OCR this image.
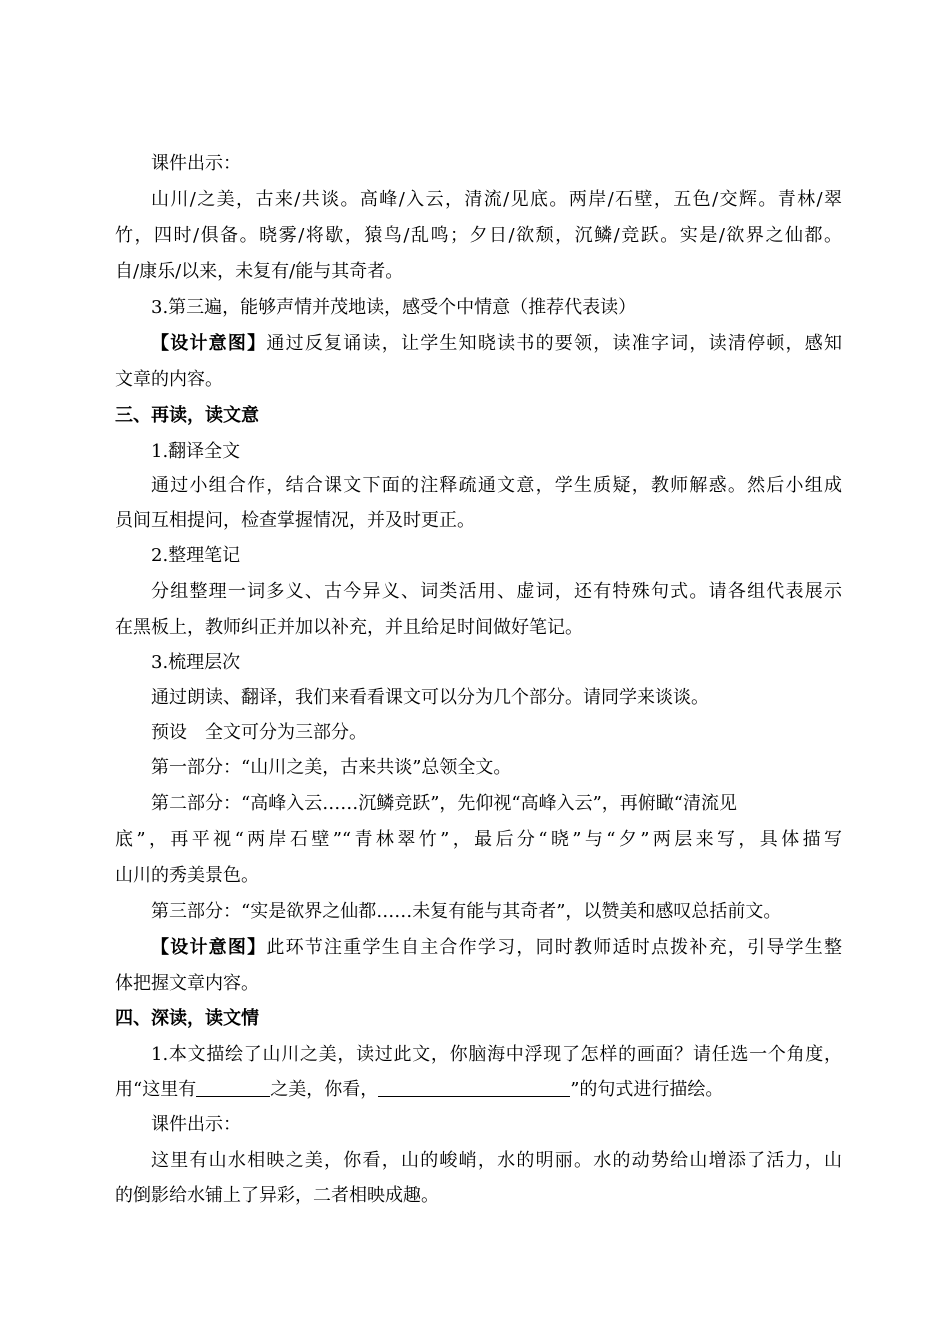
课件出示：
山川/之美，古来/共谈。高峰/入云，清流/见底。两岸/石壁，五色/交辉。青林/翠
竹，四时/俱备。晓雾/将歇，猿鸟/乱鸣；夕日/欲颓，沉鳞/竞跃。实是/欲界之仙都。
自/康乐/以来，未复有/能与其奇者。
3.第三遍，能够声情并茂地读，感受个中情意（推荐代表读）
【设计意图】通过反复诵读，让学生知晓读书的要领，读准字词，读清停顿，感知
文章的内容。
三、再读，读文意
1.翻译全文
通过小组合作，结合课文下面的注释疏通文意，学生质疑，教师解惑。然后小组成
员间互相提问，检查掌握情况，并及时更正。
2.整理笔记
分组整理一词多义、古今异义、词类活用、虚词，还有特殊句式。请各组代表展示
在黑板上，教师纠正并加以补充，并且给足时间做好笔记。
3.梳理层次
通过朗读、翻译，我们来看看课文可以分为几个部分。请同学来谈谈。
预设　全文可分为三部分。
第一部分：“山川之美，古来共谈”总领全文。
第二部分：“高峰入云……沉鳞竞跃”，先仰视“高峰入云”，再俯瞰“清流见
底”，再平视“两岸石壁”“青林翠竹”，最后分“晓”与“夕”两层来写，具体描写
山川的秀美景色。
第三部分：“实是欲界之仙都……未复有能与其奇者”，以赞美和感叹总括前文。
【设计意图】此环节注重学生自主合作学习，同时教师适时点拨补充，引导学生整
体把握文章内容。
四、深读，读文情
1.本文描绘了山川之美，读过此文，你脑海中浮现了怎样的画面？请任选一个角度，
用“这里有	之美，你看，	”的句式进行描绘。
课件出示：
这里有山水相映之美，你看，山的峻峭，水的明丽。水的动势给山增添了活力，山
的倒影给水铺上了异彩，二者相映成趣。
